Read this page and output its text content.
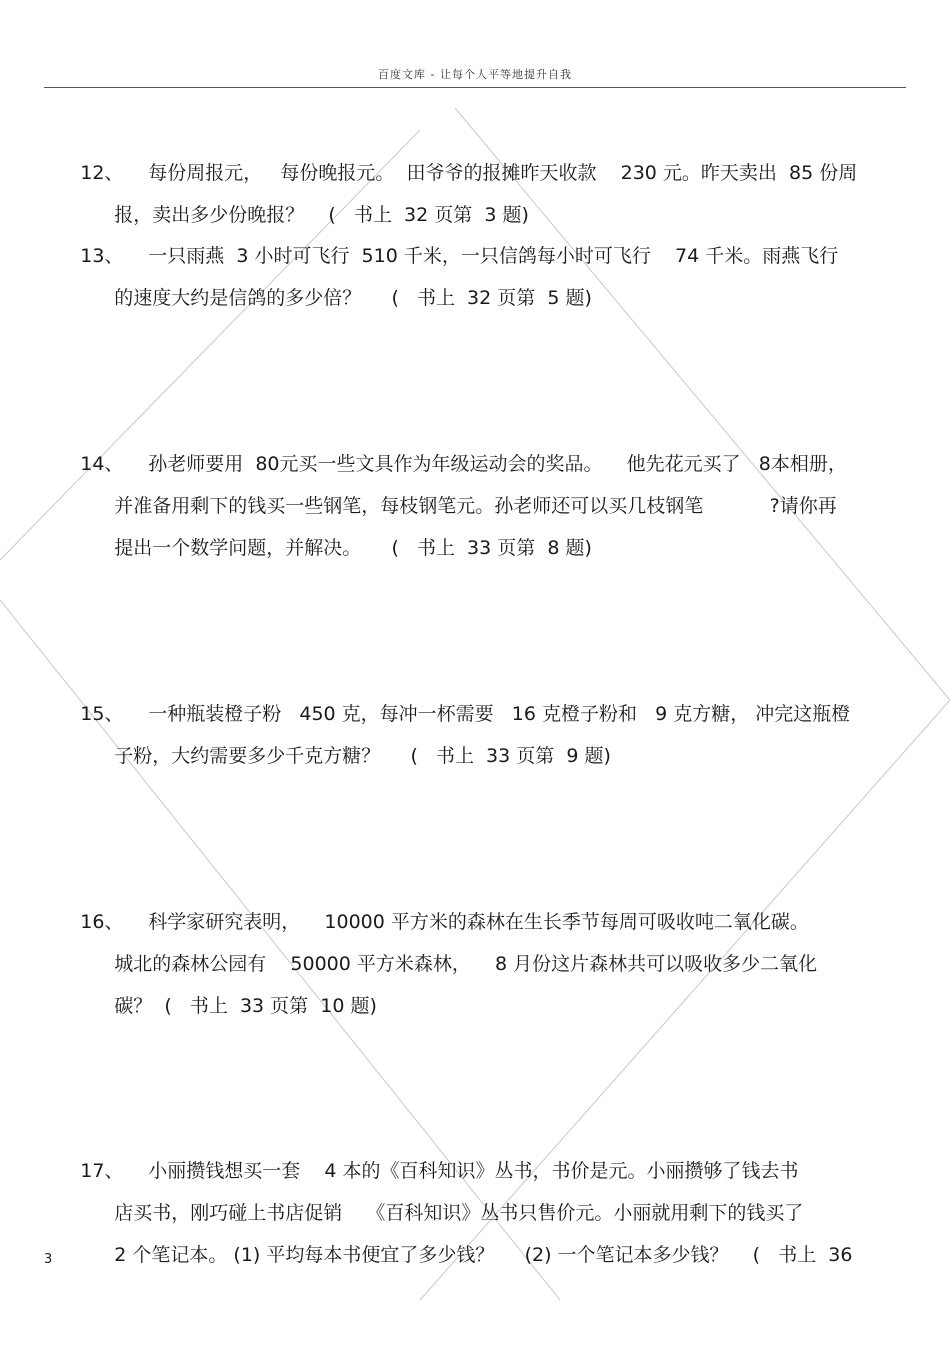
百度文库 - 让每个人平等地提升自我

12、 每份周报元，   每份晚报元。  田爷爷的报摊昨天收款    230 元。昨天卖出  85 份周

报，卖出多少份晚报？    (   书上  32 页第  3 题)

13、 一只雨燕  3 小时可飞行  510 千米，一只信鸽每小时可飞行    74 千米。雨燕飞行

的速度大约是信鸽的多少倍？     (   书上  32 页第  5 题)

14、 孙老师要用  80元买一些文具作为年级运动会的奖品。    他先花元买了   8本相册，

并准备用剩下的钱买一些钢笔，每枝钢笔元。孙老师还可以买几枝钢笔           ?请你再

提出一个数学问题，并解决。     (   书上  33 页第  8 题)

15、 一种瓶装橙子粉   450 克，每冲一杯需要   16 克橙子粉和   9 克方糖， 冲完这瓶橙

子粉，大约需要多少千克方糖？     (   书上  33 页第  9 题)

16、 科学家研究表明，    10000 平方米的森林在生长季节每周可吸收吨二氧化碳。

城北的森林公园有    50000 平方米森林，    8 月份这片森林共可以吸收多少二氧化

碳？  (   书上  33 页第  10 题)

17、 小丽攒钱想买一套    4 本的《百科知识》丛书，书价是元。小丽攒够了钱去书

店买书，刚巧碰上书店促销    《百科知识》丛书只售价元。小丽就用剩下的钱买了

2 个笔记本。 (1) 平均每本书便宜了多少钱？     (2) 一个笔记本多少钱？    (   书上  36

3
